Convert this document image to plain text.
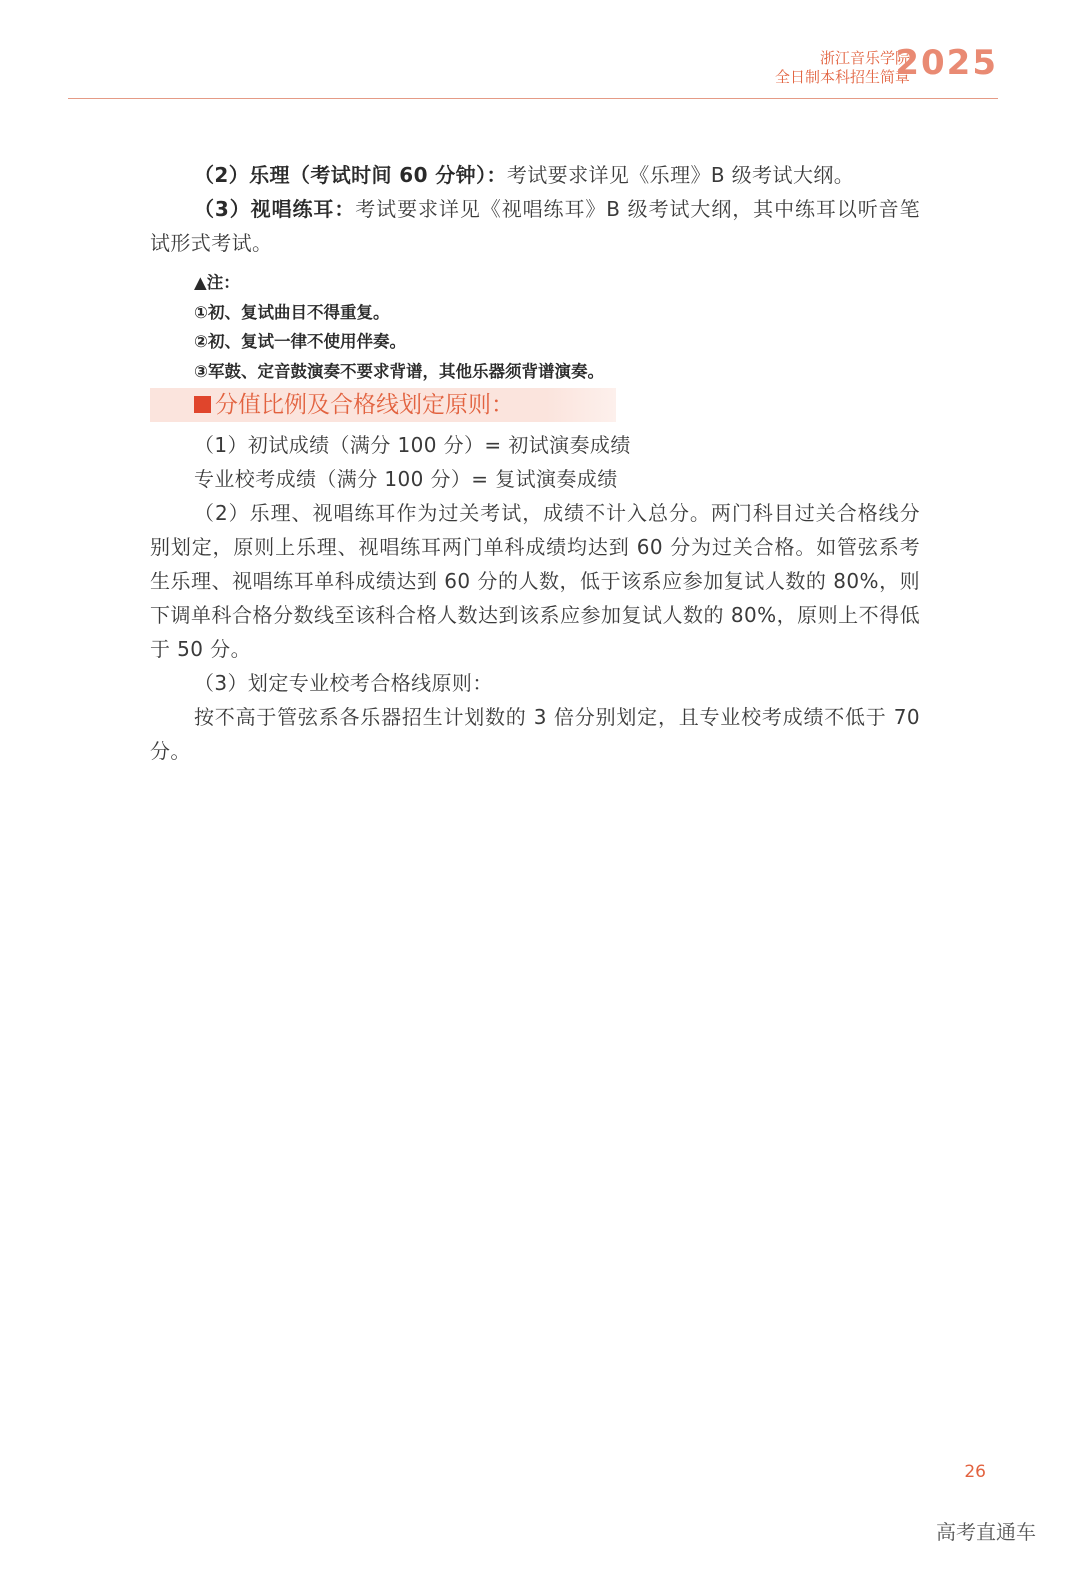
浙江音乐学院
全日制本科招生简章
2025

（2）乐理（考试时间 60 分钟）：考试要求详见《乐理》B 级考试大纲。

（3）视唱练耳：考试要求详见《视唱练耳》B 级考试大纲，其中练耳以听音笔试形式考试。

▲注：

①初、复试曲目不得重复。

②初、复试一律不使用伴奏。

③军鼓、定音鼓演奏不要求背谱，其他乐器须背谱演奏。

分值比例及合格线划定原则：

（1）初试成绩（满分 100 分）= 初试演奏成绩

专业校考成绩（满分 100 分）= 复试演奏成绩

（2）乐理、视唱练耳作为过关考试，成绩不计入总分。两门科目过关合格线分别划定，原则上乐理、视唱练耳两门单科成绩均达到 60 分为过关合格。如管弦系考生乐理、视唱练耳单科成绩达到 60 分的人数，低于该系应参加复试人数的 80%，则下调单科合格分数线至该科合格人数达到该系应参加复试人数的 80%，原则上不得低于 50 分。

（3）划定专业校考合格线原则：

按不高于管弦系各乐器招生计划数的 3 倍分别划定，且专业校考成绩不低于 70 分。

26
高考直通车
